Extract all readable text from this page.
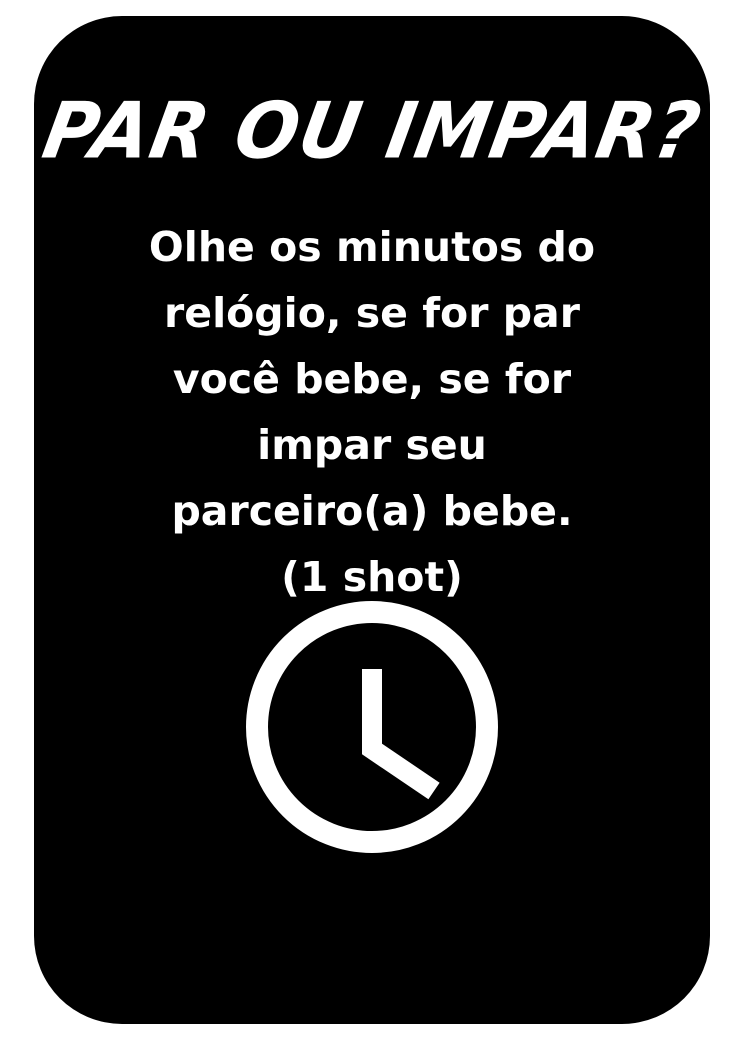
PAR OU IMPAR?
Olhe os minutos do
relógio, se for par
você bebe, se for
impar seu
parceiro(a) bebe.
(1 shot)
